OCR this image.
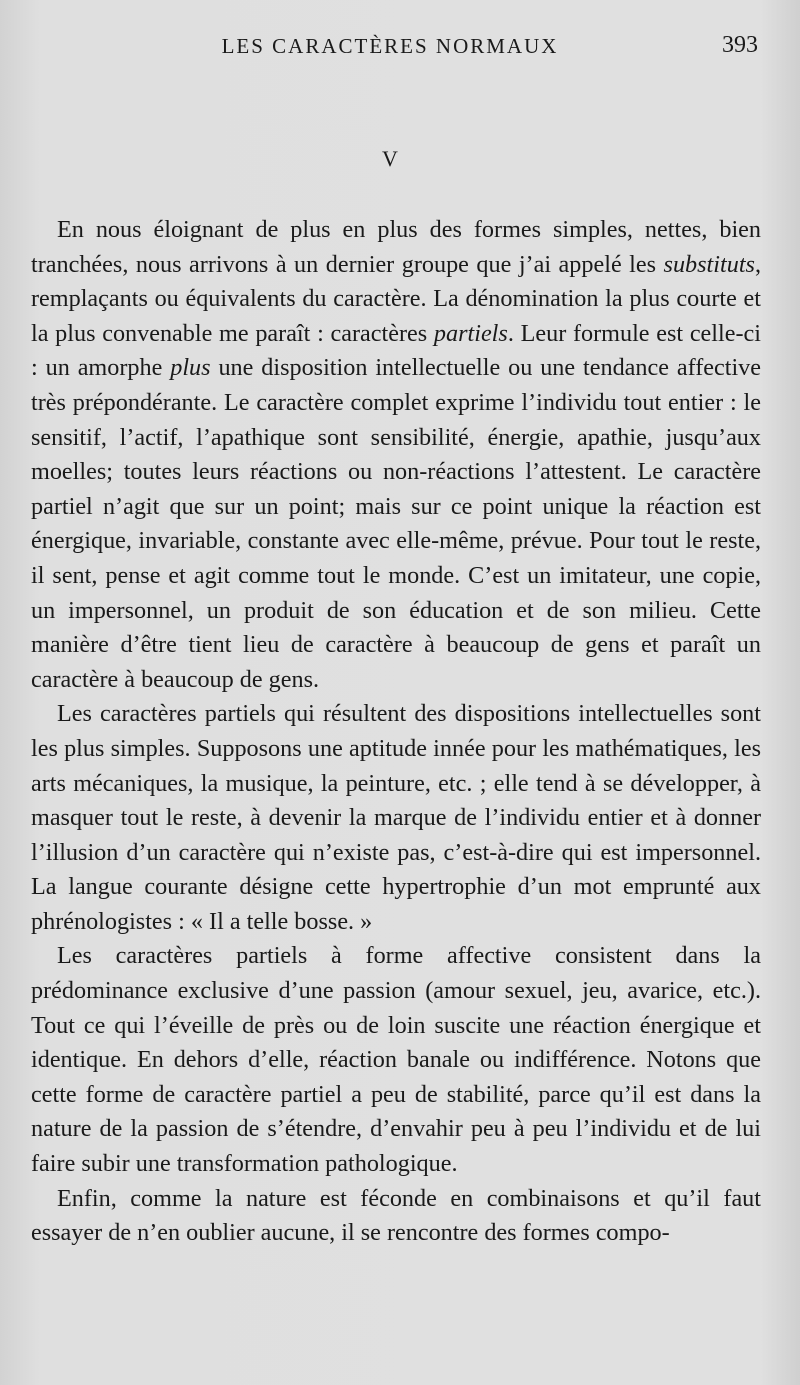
LES CARACTÈRES NORMAUX	393
V

En nous éloignant de plus en plus des formes simples, nettes, bien tranchées, nous arrivons à un dernier groupe que j’ai appelé les substituts, remplaçants ou équivalents du caractère. La dénomination la plus courte et la plus convenable me paraît : caractères partiels. Leur formule est celle-ci : un amorphe plus une disposition intellectuelle ou une tendance affective très prépondérante. Le caractère complet exprime l’individu tout entier : le sensitif, l’actif, l’apathique sont sensibilité, énergie, apathie, jusqu’aux moelles; toutes leurs réactions ou non-réactions l’attestent. Le caractère partiel n’agit que sur un point; mais sur ce point unique la réaction est énergique, invariable, constante avec elle-même, prévue. Pour tout le reste, il sent, pense et agit comme tout le monde. C’est un imitateur, une copie, un impersonnel, un produit de son éducation et de son milieu. Cette manière d’être tient lieu de caractère à beaucoup de gens et paraît un caractère à beaucoup de gens.

Les caractères partiels qui résultent des dispositions intellectuelles sont les plus simples. Supposons une aptitude innée pour les mathématiques, les arts mécaniques, la musique, la peinture, etc. ; elle tend à se développer, à masquer tout le reste, à devenir la marque de l’individu entier et à donner l’illusion d’un caractère qui n’existe pas, c’est-à-dire qui est impersonnel. La langue courante désigne cette hypertrophie d’un mot emprunté aux phrénologistes : « Il a telle bosse. »

Les caractères partiels à forme affective consistent dans la prédominance exclusive d’une passion (amour sexuel, jeu, avarice, etc.). Tout ce qui l’éveille de près ou de loin suscite une réaction énergique et identique. En dehors d’elle, réaction banale ou indifférence. Notons que cette forme de caractère partiel a peu de stabilité, parce qu’il est dans la nature de la passion de s’étendre, d’envahir peu à peu l’individu et de lui faire subir une transformation pathologique.

Enfin, comme la nature est féconde en combinaisons et qu’il faut essayer de n’en oublier aucune, il se rencontre des formes compo-
